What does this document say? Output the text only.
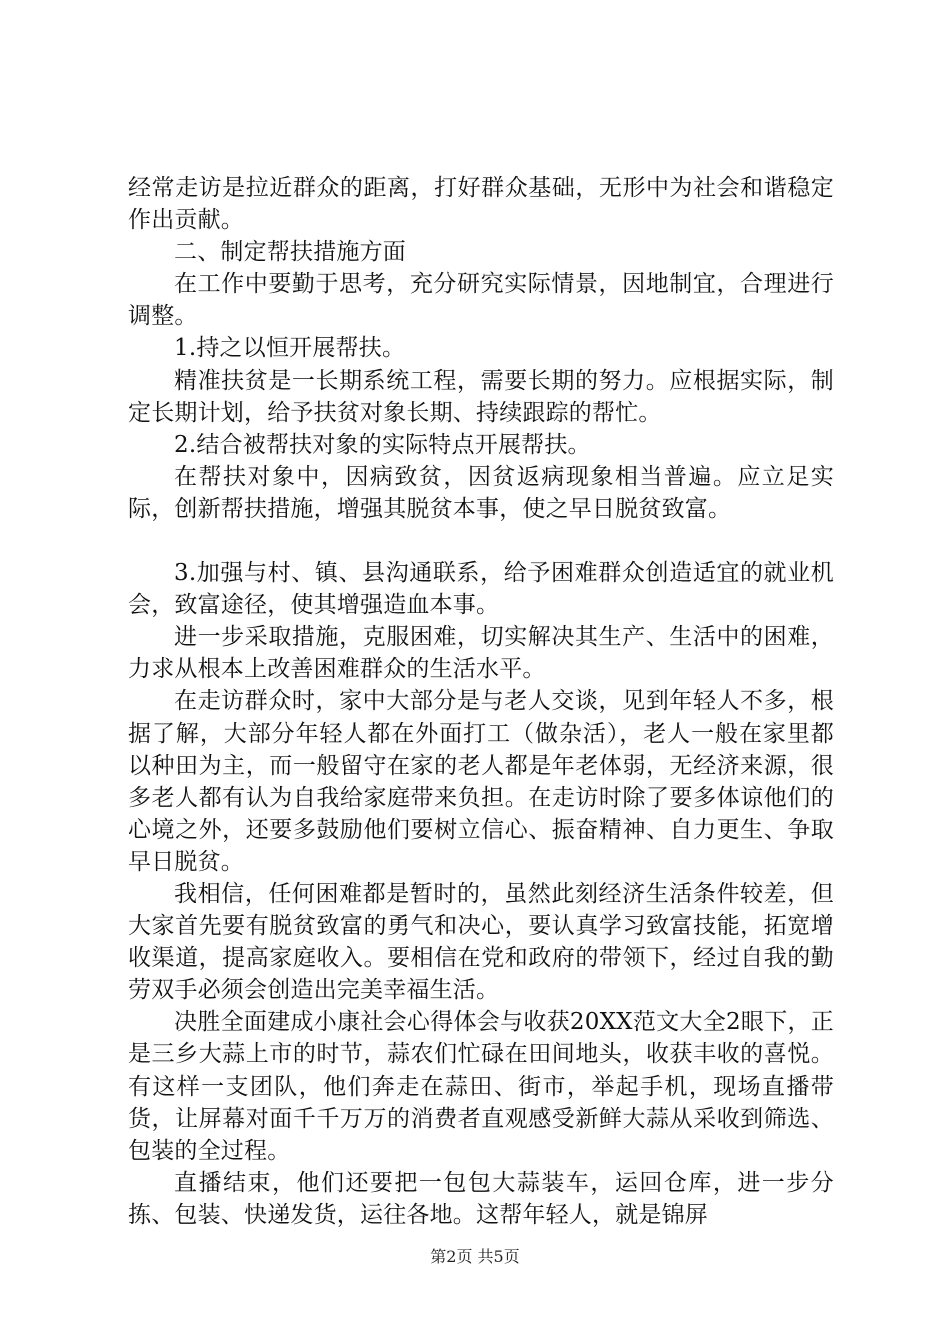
经常走访是拉近群众的距离，打好群众基础，无形中为社会和谐稳定作出贡献。

二、制定帮扶措施方面

在工作中要勤于思考，充分研究实际情景，因地制宜，合理进行调整。

1.持之以恒开展帮扶。

精准扶贫是一长期系统工程，需要长期的努力。应根据实际，制定长期计划，给予扶贫对象长期、持续跟踪的帮忙。

2.结合被帮扶对象的实际特点开展帮扶。

在帮扶对象中，因病致贫，因贫返病现象相当普遍。应立足实际，创新帮扶措施，增强其脱贫本事，使之早日脱贫致富。

3.加强与村、镇、县沟通联系，给予困难群众创造适宜的就业机会，致富途径，使其增强造血本事。

进一步采取措施，克服困难，切实解决其生产、生活中的困难，力求从根本上改善困难群众的生活水平。

在走访群众时，家中大部分是与老人交谈，见到年轻人不多，根据了解，大部分年轻人都在外面打工（做杂活），老人一般在家里都以种田为主，而一般留守在家的老人都是年老体弱，无经济来源，很多老人都有认为自我给家庭带来负担。在走访时除了要多体谅他们的心境之外，还要多鼓励他们要树立信心、振奋精神、自力更生、争取早日脱贫。

我相信，任何困难都是暂时的，虽然此刻经济生活条件较差，但大家首先要有脱贫致富的勇气和决心，要认真学习致富技能，拓宽增收渠道，提高家庭收入。要相信在党和政府的带领下，经过自我的勤劳双手必须会创造出完美幸福生活。

决胜全面建成小康社会心得体会与收获20XX范文大全2眼下，正是三乡大蒜上市的时节，蒜农们忙碌在田间地头，收获丰收的喜悦。有这样一支团队，他们奔走在蒜田、街市，举起手机，现场直播带货，让屏幕对面千千万万的消费者直观感受新鲜大蒜从采收到筛选、包装的全过程。

直播结束，他们还要把一包包大蒜装车，运回仓库，进一步分拣、包装、快递发货，运往各地。这帮年轻人，就是锦屏

第2页 共5页
